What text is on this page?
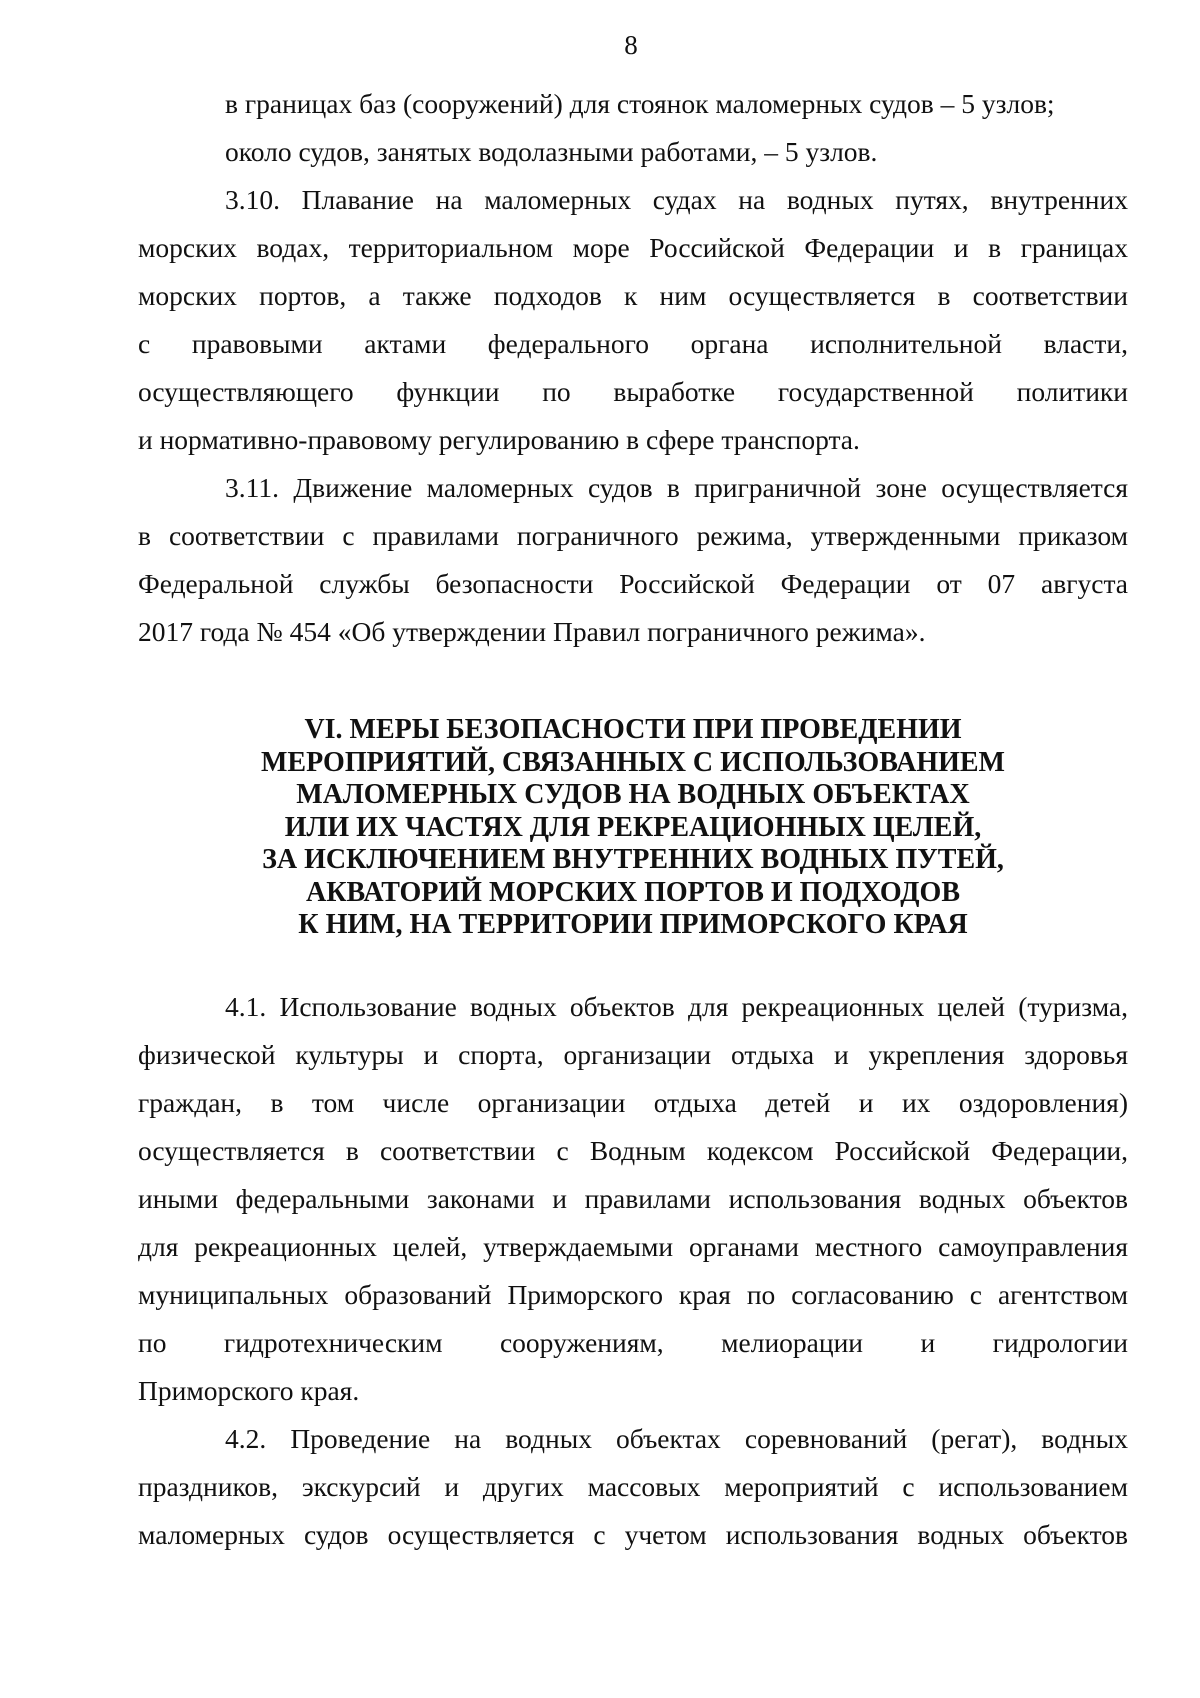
8
в границах баз (сооружений) для стоянок маломерных судов – 5 узлов;
около судов, занятых водолазными работами, – 5 узлов.
3.10. Плавание на маломерных судах на водных путях, внутренних
морских водах, территориальном море Российской Федерации и в границах
морских портов, а также подходов к ним осуществляется в соответствии
с правовыми актами федерального органа исполнительной власти,
осуществляющего функции по выработке государственной политики
и нормативно-правовому регулированию в сфере транспорта.
3.11. Движение маломерных судов в приграничной зоне осуществляется
в соответствии с правилами пограничного режима, утвержденными приказом
Федеральной службы безопасности Российской Федерации от 07 августа
2017 года № 454 «Об утверждении Правил пограничного режима».
VI. МЕРЫ БЕЗОПАСНОСТИ ПРИ ПРОВЕДЕНИИ
МЕРОПРИЯТИЙ, СВЯЗАННЫХ С ИСПОЛЬЗОВАНИЕМ
МАЛОМЕРНЫХ СУДОВ НА ВОДНЫХ ОБЪЕКТАХ
ИЛИ ИХ ЧАСТЯХ ДЛЯ РЕКРЕАЦИОННЫХ ЦЕЛЕЙ,
ЗА ИСКЛЮЧЕНИЕМ ВНУТРЕННИХ ВОДНЫХ ПУТЕЙ,
АКВАТОРИЙ МОРСКИХ ПОРТОВ И ПОДХОДОВ
К НИМ, НА ТЕРРИТОРИИ ПРИМОРСКОГО КРАЯ
4.1. Использование водных объектов для рекреационных целей (туризма,
физической культуры и спорта, организации отдыха и укрепления здоровья
граждан, в том числе организации отдыха детей и их оздоровления)
осуществляется в соответствии с Водным кодексом Российской Федерации,
иными федеральными законами и правилами использования водных объектов
для рекреационных целей, утверждаемыми органами местного самоуправления
муниципальных образований Приморского края по согласованию с агентством
по гидротехническим сооружениям, мелиорации и гидрологии
Приморского края.
4.2. Проведение на водных объектах соревнований (регат), водных
праздников, экскурсий и других массовых мероприятий с использованием
маломерных судов осуществляется с учетом использования водных объектов
